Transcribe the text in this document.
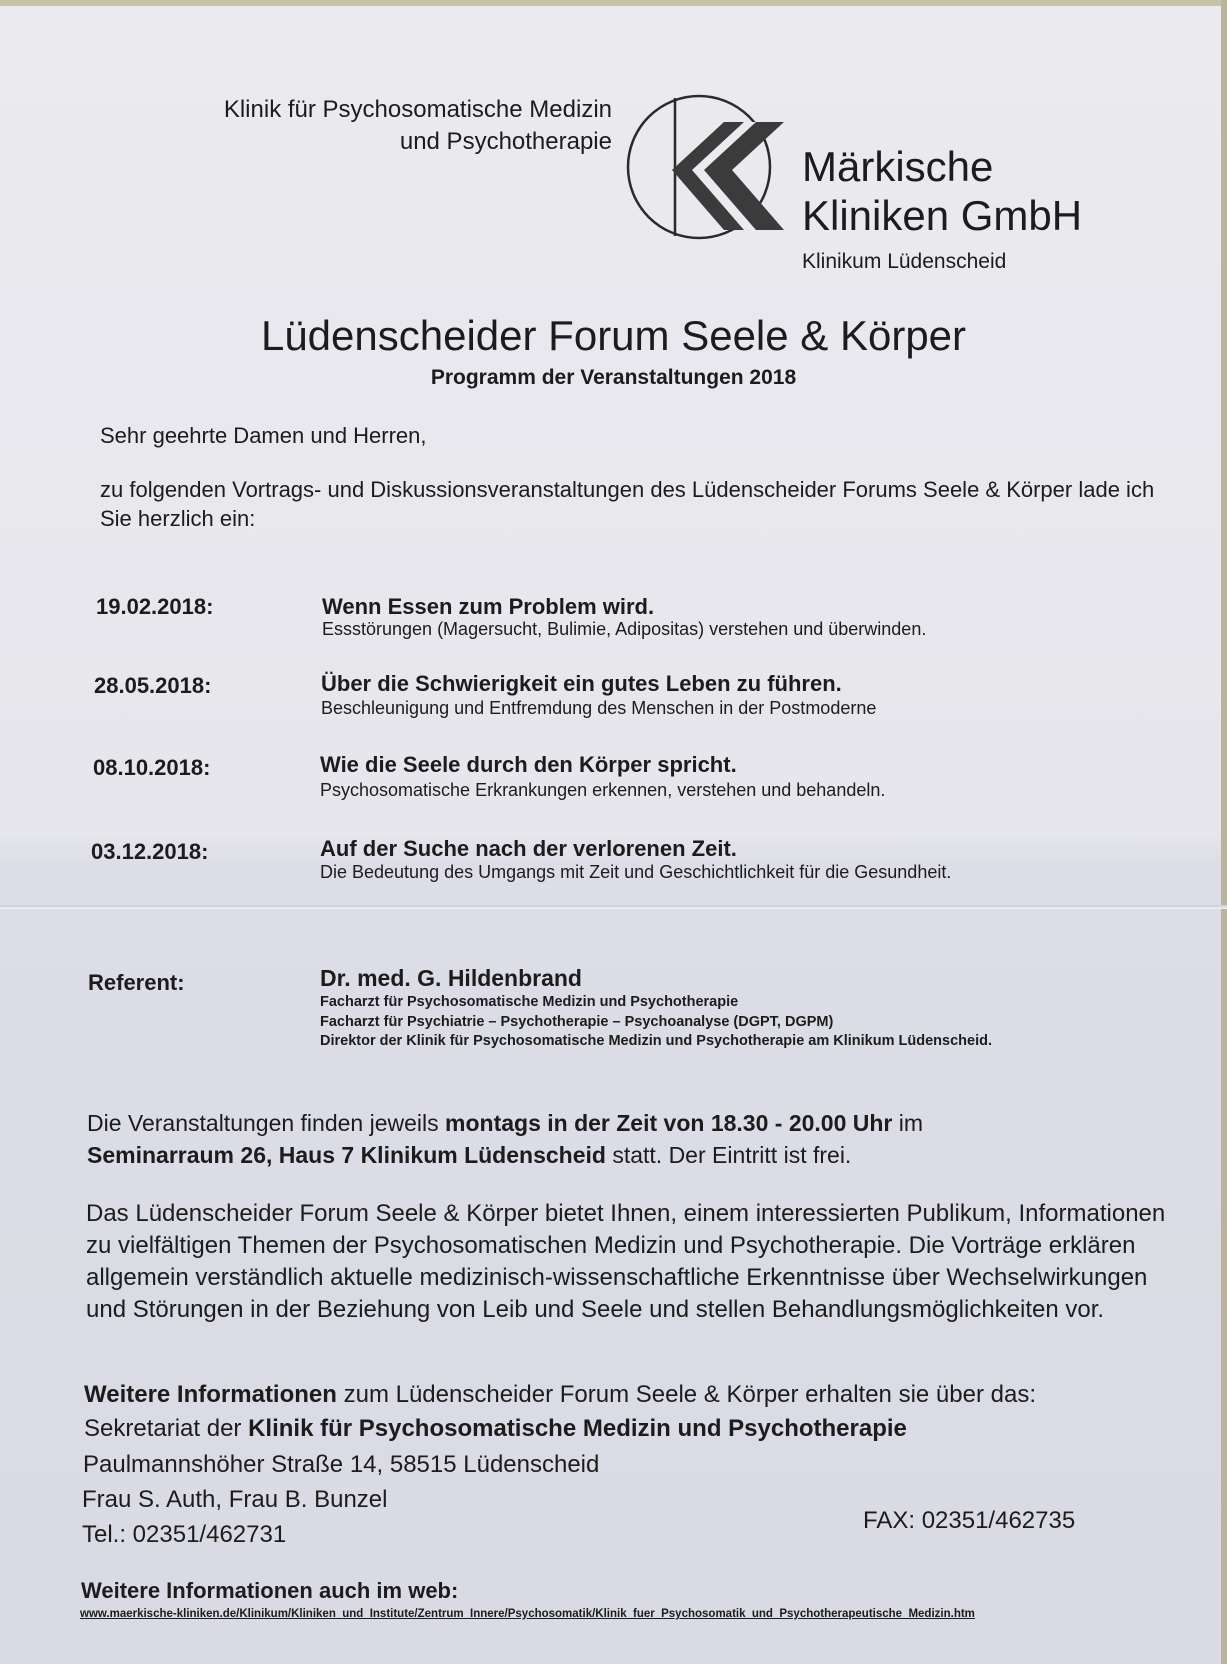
Klinik für Psychosomatische Medizin
und Psychotherapie
Märkische
Kliniken GmbH
Klinikum Lüdenscheid
Lüdenscheider Forum Seele & Körper
Programm der Veranstaltungen 2018
Sehr geehrte Damen und Herren,
zu folgenden Vortrags- und Diskussionsveranstaltungen des Lüdenscheider Forums Seele & Körper lade ich Sie herzlich ein:
19.02.2018:	Wenn Essen zum Problem wird.
Essstörungen (Magersucht, Bulimie, Adipositas) verstehen und überwinden.
28.05.2018:	Über die Schwierigkeit ein gutes Leben zu führen.
Beschleunigung und Entfremdung des Menschen in der Postmoderne
08.10.2018:	Wie die Seele durch den Körper spricht.
Psychosomatische Erkrankungen erkennen, verstehen und behandeln.
03.12.2018:	Auf der Suche nach der verlorenen Zeit.
Die Bedeutung des Umgangs mit Zeit und Geschichtlichkeit für die Gesundheit.
Referent:	Dr. med. G. Hildenbrand
Facharzt für Psychosomatische Medizin und Psychotherapie
Facharzt für Psychiatrie – Psychotherapie – Psychoanalyse (DGPT, DGPM)
Direktor der Klinik für Psychosomatische Medizin und Psychotherapie am Klinikum Lüdenscheid.
Die Veranstaltungen finden jeweils montags in der Zeit von 18.30 - 20.00 Uhr im
Seminarraum 26, Haus 7 Klinikum Lüdenscheid statt. Der Eintritt ist frei.
Das Lüdenscheider Forum Seele & Körper bietet Ihnen, einem interessierten Publikum, Informationen zu vielfältigen Themen der Psychosomatischen Medizin und Psychotherapie. Die Vorträge erklären allgemein verständlich aktuelle medizinisch-wissenschaftliche Erkenntnisse über Wechselwirkungen und Störungen in der Beziehung von Leib und Seele und stellen Behandlungsmöglichkeiten vor.
Weitere Informationen zum Lüdenscheider Forum Seele & Körper erhalten sie über das:
Sekretariat der Klinik für Psychosomatische Medizin und Psychotherapie
Paulmannshöher Straße 14, 58515 Lüdenscheid
Frau S. Auth, Frau B. Bunzel
Tel.: 02351/462731
FAX: 02351/462735
Weitere Informationen auch im web:
www.maerkische-kliniken.de/Klinikum/Kliniken_und_Institute/Zentrum_Innere/Psychosomatik/Klinik_fuer_Psychosomatik_und_Psychotherapeutische_Medizin.htm
